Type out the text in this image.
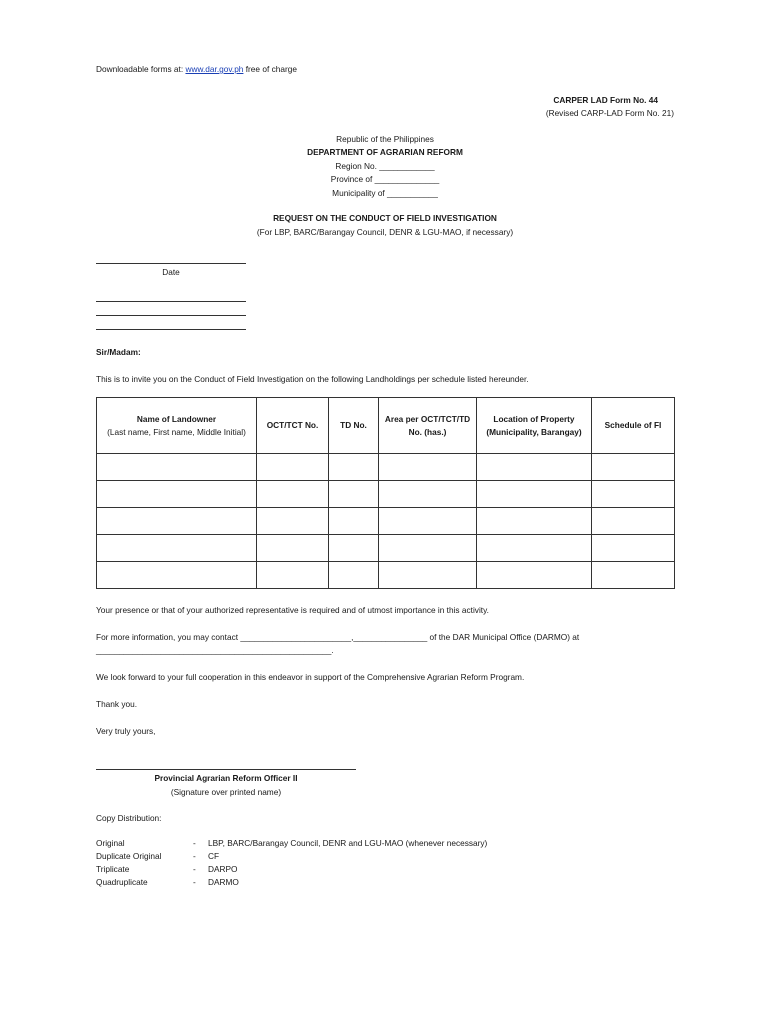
Downloadable forms at: www.dar.gov.ph free of charge
CARPER LAD Form No. 44
(Revised CARP-LAD Form No. 21)
Republic of the Philippines
DEPARTMENT OF AGRARIAN REFORM
Region No. ____________
Province of ______________
Municipality of ___________
REQUEST ON THE CONDUCT OF FIELD INVESTIGATION
(For LBP, BARC/Barangay Council, DENR & LGU-MAO, if necessary)
Date
Sir/Madam:
This is to invite you on the Conduct of Field Investigation on the following Landholdings per schedule listed hereunder.
Name of Landowner
(Last name, First name, Middle Initial)	OCT/TCT No.	TD No.	Area per OCT/TCT/TD No. (has.)	Location of Property (Municipality, Barangay)	Schedule of FI

Your presence or that of your authorized representative is required and of utmost importance in this activity.
For more information, you may contact ________________________,________________ of the DAR Municipal Office (DARMO) at
___________________________________________________.
We look forward to your full cooperation in this endeavor in support of the Comprehensive Agrarian Reform Program.
Thank you.
Very truly yours,
Provincial Agrarian Reform Officer II
(Signature over printed name)
Copy Distribution:
Original	- LBP, BARC/Barangay Council, DENR and LGU-MAO (whenever necessary)
Duplicate Original	- CF
Triplicate	- DARPO
Quadruplicate	- DARMO
